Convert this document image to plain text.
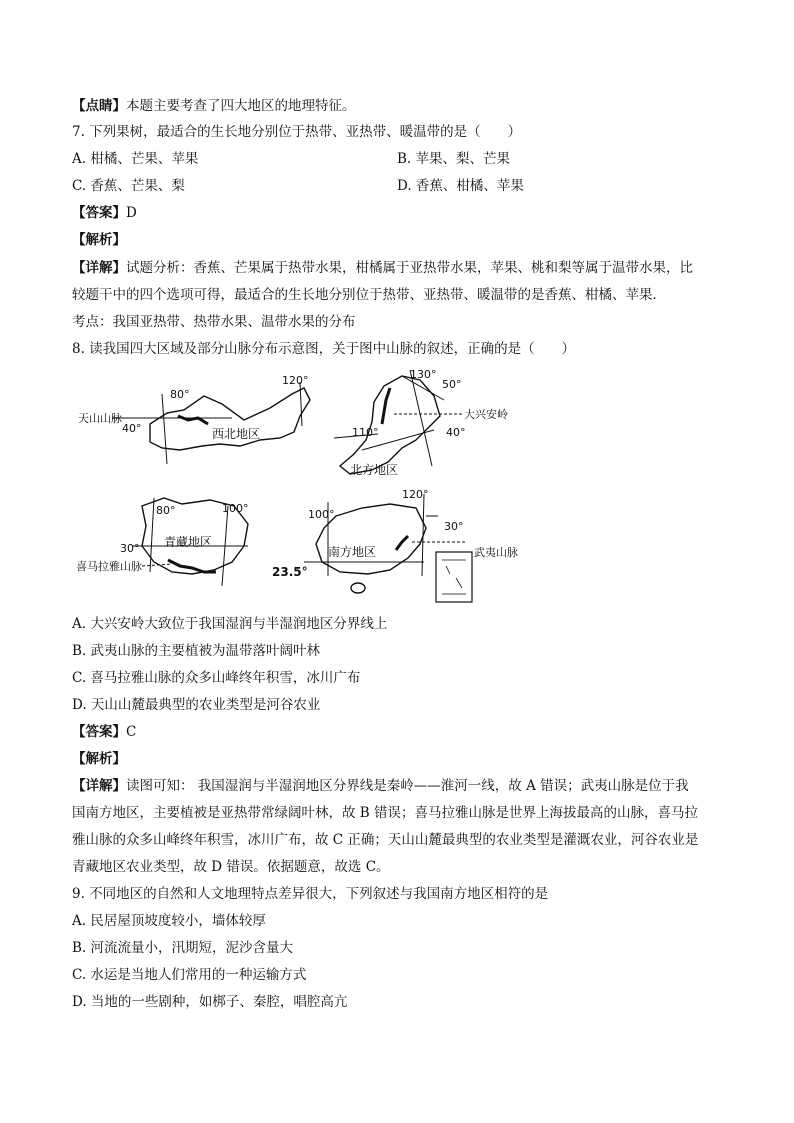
【点睛】本题主要考查了四大地区的地理特征。
7. 下列果树，最适合的生长地分别位于热带、亚热带、暖温带的是（　　）
A. 柑橘、芒果、苹果	B. 苹果、梨、芒果
C. 香蕉、芒果、梨	D. 香蕉、柑橘、苹果
【答案】D
【解析】
【详解】试题分析：香蕉、芒果属于热带水果，柑橘属于亚热带水果，苹果、桃和梨等属于温带水果，比
较题干中的四个选项可得，最适合的生长地分别位于热带、亚热带、暖温带的是香蕉、柑橘、苹果．
考点：我国亚热带、热带水果、温带水果的分布
8. 读我国四大区域及部分山脉分布示意图，关于图中山脉的叙述，正确的是（　　）
80°
120°
40°
天山山脉
西北地区
130°
50°
大兴安岭
110°	40°
北方地区
80°	100°
30° 青藏地区
喜马拉雅山脉
120°
100°
30°
武夷山脉
南方地区
23.5°
A. 大兴安岭大致位于我国湿润与半湿润地区分界线上
B. 武夷山脉的主要植被为温带落叶阔叶林
C. 喜马拉雅山脉的众多山峰终年积雪，冰川广布
D. 天山山麓最典型的农业类型是河谷农业
【答案】C
【解析】
【详解】读图可知： 我国湿润与半湿润地区分界线是秦岭——淮河一线，故 A 错误；武夷山脉是位于我
国南方地区，主要植被是亚热带常绿阔叶林，故 B 错误；喜马拉雅山脉是世界上海拔最高的山脉，喜马拉
雅山脉的众多山峰终年积雪，冰川广布，故 C 正确；天山山麓最典型的农业类型是灌溉农业，河谷农业是
青藏地区农业类型，故 D 错误。依据题意，故选 C。
9. 不同地区的自然和人文地理特点差异很大，下列叙述与我国南方地区相符的是
A. 民居屋顶坡度较小，墙体较厚
B. 河流流量小，汛期短，泥沙含量大
C. 水运是当地人们常用的一种运输方式
D. 当地的一些剧种，如梆子、秦腔，唱腔高亢
